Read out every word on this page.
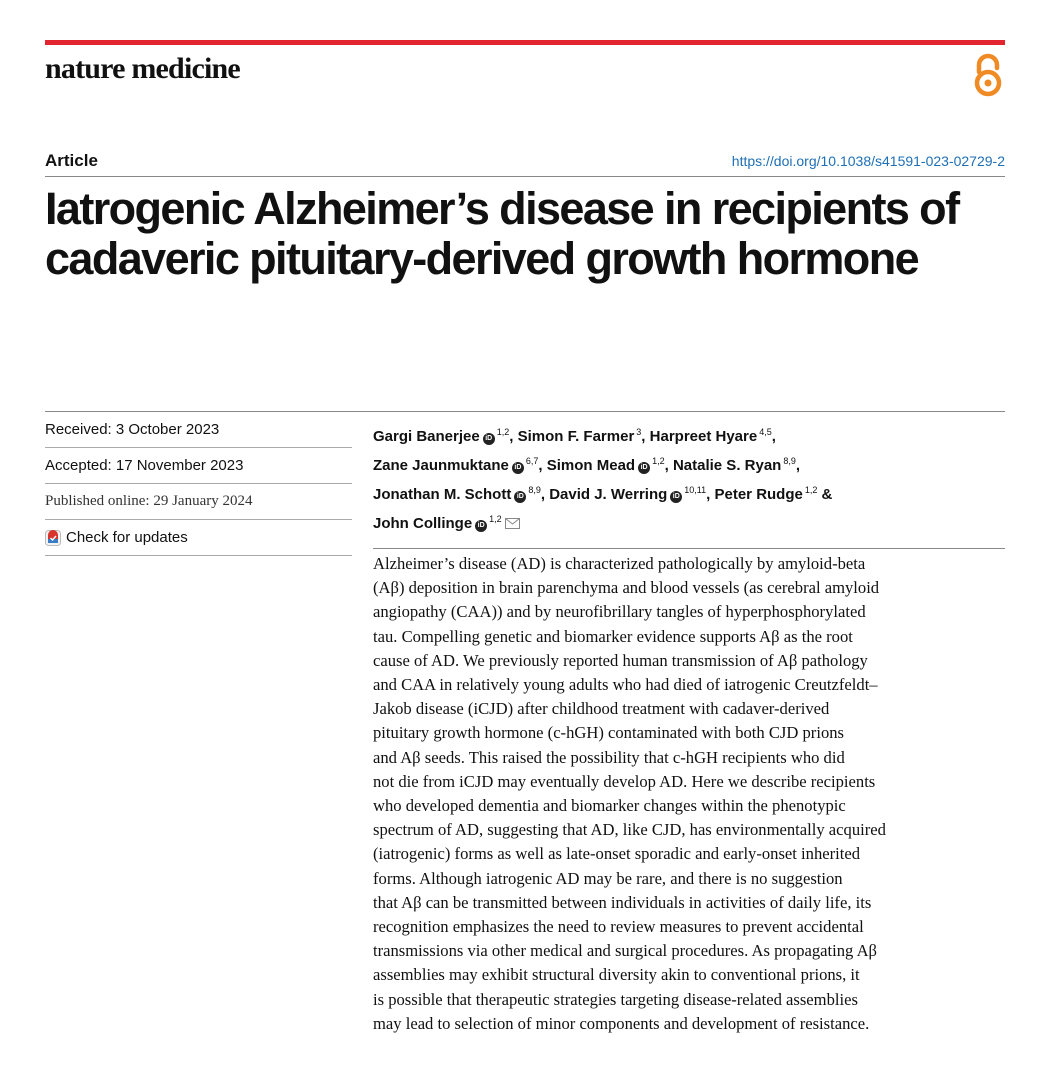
nature medicine
Article	https://doi.org/10.1038/s41591-023-02729-2
Iatrogenic Alzheimer’s disease in recipients of cadaveric pituitary-derived growth hormone
Received: 3 October 2023
Accepted: 17 November 2023
Published online: 29 January 2024
Check for updates
Gargi Banerjee iD$^{1,2}$, Simon F. Farmer $^3$, Harpreet Hyare $^{4,5}$,
Zane Jaunmuktane iD$^{6,7}$, Simon Mead iD$^{1,2}$, Natalie S. Ryan $^{8,9}$,
Jonathan M. Schott iD$^{8,9}$, David J. Werring iD$^{10,11}$, Peter Rudge $^{1,2}$ &
John Collinge iD$^{1,2}$

Alzheimer’s disease (AD) is characterized pathologically by amyloid-beta
(Aβ) deposition in brain parenchyma and blood vessels (as cerebral amyloid
angiopathy (CAA)) and by neurofibrillary tangles of hyperphosphorylated
tau. Compelling genetic and biomarker evidence supports Aβ as the root
cause of AD. We previously reported human transmission of Aβ pathology
and CAA in relatively young adults who had died of iatrogenic Creutzfeldt–
Jakob disease (iCJD) after childhood treatment with cadaver-derived
pituitary growth hormone (c-hGH) contaminated with both CJD prions
and Aβ seeds. This raised the possibility that c-hGH recipients who did
not die from iCJD may eventually develop AD. Here we describe recipients
who developed dementia and biomarker changes within the phenotypic
spectrum of AD, suggesting that AD, like CJD, has environmentally acquired
(iatrogenic) forms as well as late-onset sporadic and early-onset inherited
forms. Although iatrogenic AD may be rare, and there is no suggestion
that Aβ can be transmitted between individuals in activities of daily life, its
recognition emphasizes the need to review measures to prevent accidental
transmissions via other medical and surgical procedures. As propagating Aβ
assemblies may exhibit structural diversity akin to conventional prions, it
is possible that therapeutic strategies targeting disease-related assemblies
may lead to selection of minor components and development of resistance.
